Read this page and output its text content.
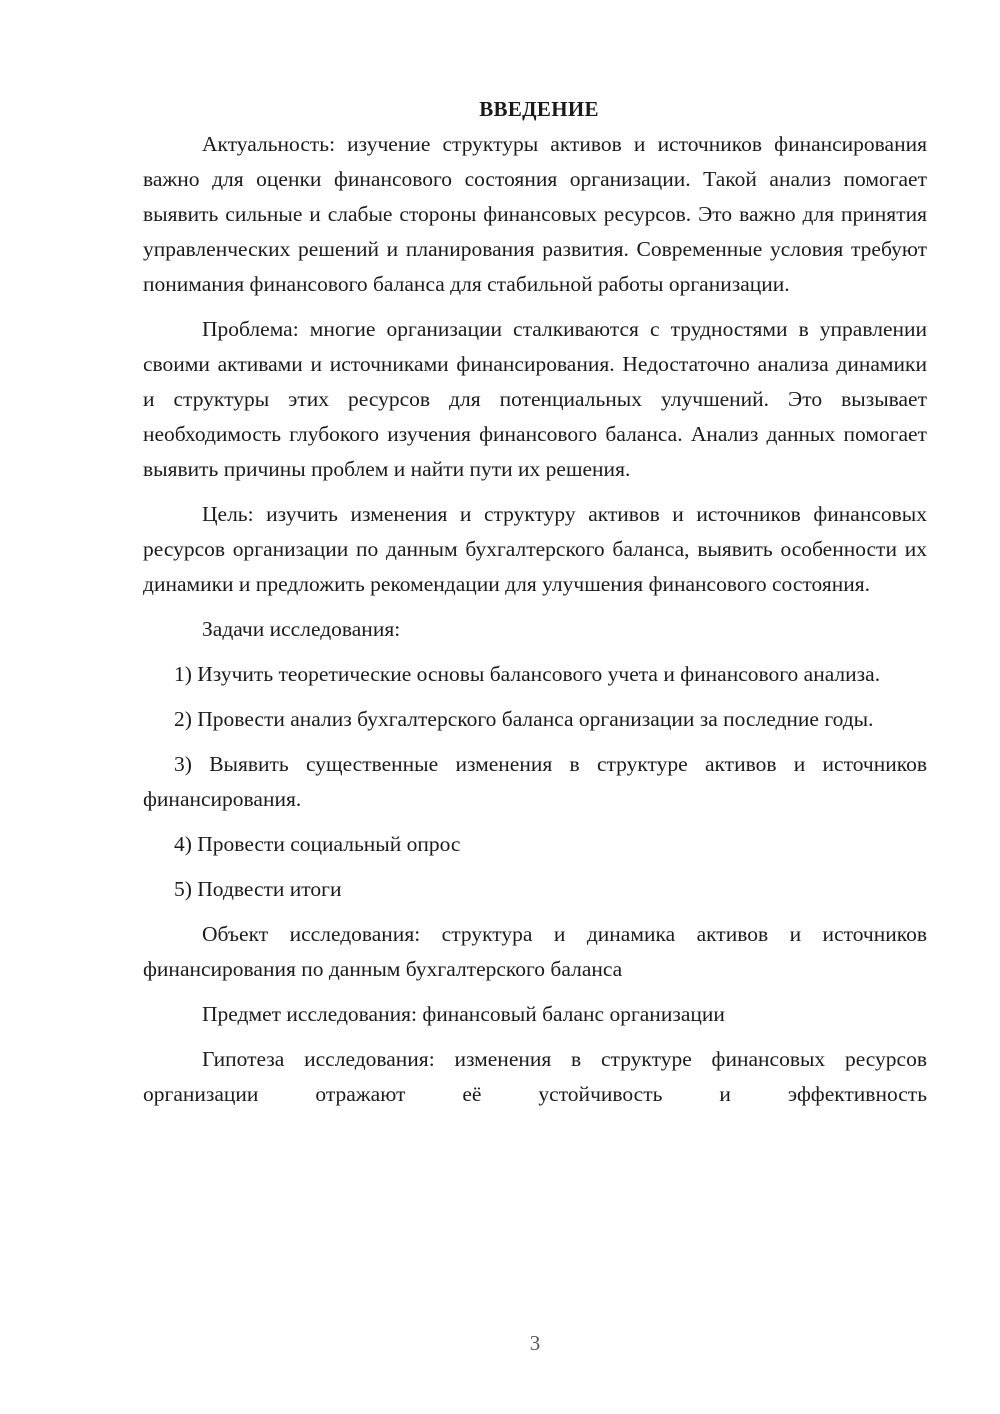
ВВЕДЕНИЕ

Актуальность: изучение структуры активов и источников финансирования важно для оценки финансового состояния организации. Такой анализ помогает выявить сильные и слабые стороны финансовых ресурсов. Это важно для принятия управленческих решений и планирования развития. Современные условия требуют понимания финансового баланса для стабильной работы организации.

Проблема: многие организации сталкиваются с трудностями в управлении своими активами и источниками финансирования. Недостаточно анализа динамики и структуры этих ресурсов для потенциальных улучшений. Это вызывает необходимость глубокого изучения финансового баланса. Анализ данных помогает выявить причины проблем и найти пути их решения.

Цель: изучить изменения и структуру активов и источников финансовых ресурсов организации по данным бухгалтерского баланса, выявить особенности их динамики и предложить рекомендации для улучшения финансового состояния.

Задачи исследования:

1) Изучить теоретические основы балансового учета и финансового анализа.

2) Провести анализ бухгалтерского баланса организации за последние годы.

3) Выявить существенные изменения в структуре активов и источников финансирования.

4) Провести социальный опрос

5) Подвести итоги

Объект исследования: структура и динамика активов и источников финансирования по данным бухгалтерского баланса

Предмет исследования: финансовый баланс организации

Гипотеза исследования: изменения в структуре финансовых ресурсов организации отражают её устойчивость и эффективность

3
